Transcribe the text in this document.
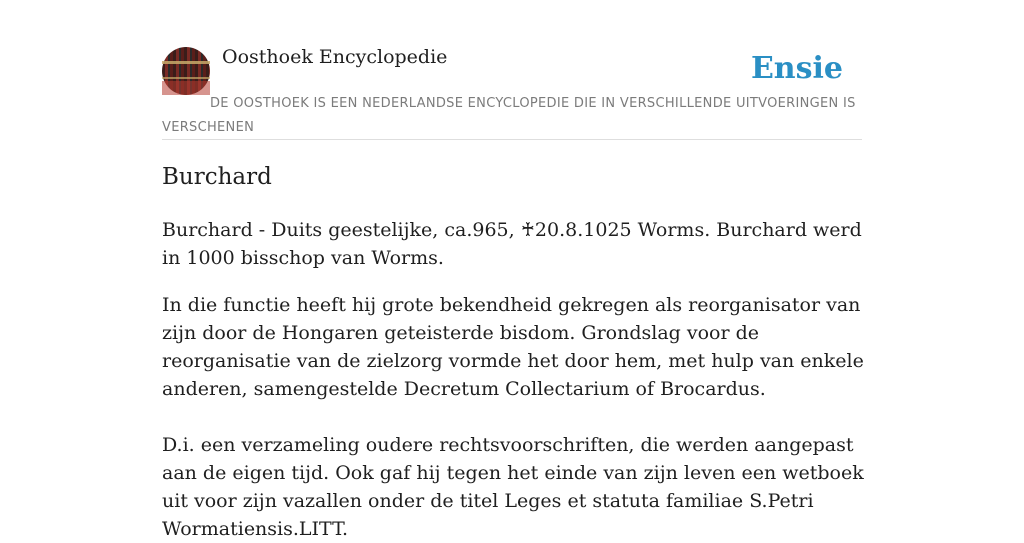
Oosthoek Encyclopedie	Ensie
DE OOSTHOEK IS EEN NEDERLANDSE ENCYCLOPEDIE DIE IN VERSCHILLENDE UITVOERINGEN IS VERSCHENEN
Burchard

Burchard - Duits geestelijke, ca.965, ♰20.8.1025 Worms. Burchard werd in 1000 bisschop van Worms.

In die functie heeft hij grote bekendheid gekregen als reorganisator van zijn door de Hongaren geteisterde bisdom. Grondslag voor de reorganisatie van de zielzorg vormde het door hem, met hulp van enkele anderen, samengestelde Decretum Collectarium of Brocardus.

D.i. een verzameling oudere rechtsvoorschriften, die werden aangepast aan de eigen tijd. Ook gaf hij tegen het einde van zijn leven een wetboek uit voor zijn vazallen onder de titel Leges et statuta familiae S.Petri Wormatiensis.LITT.
